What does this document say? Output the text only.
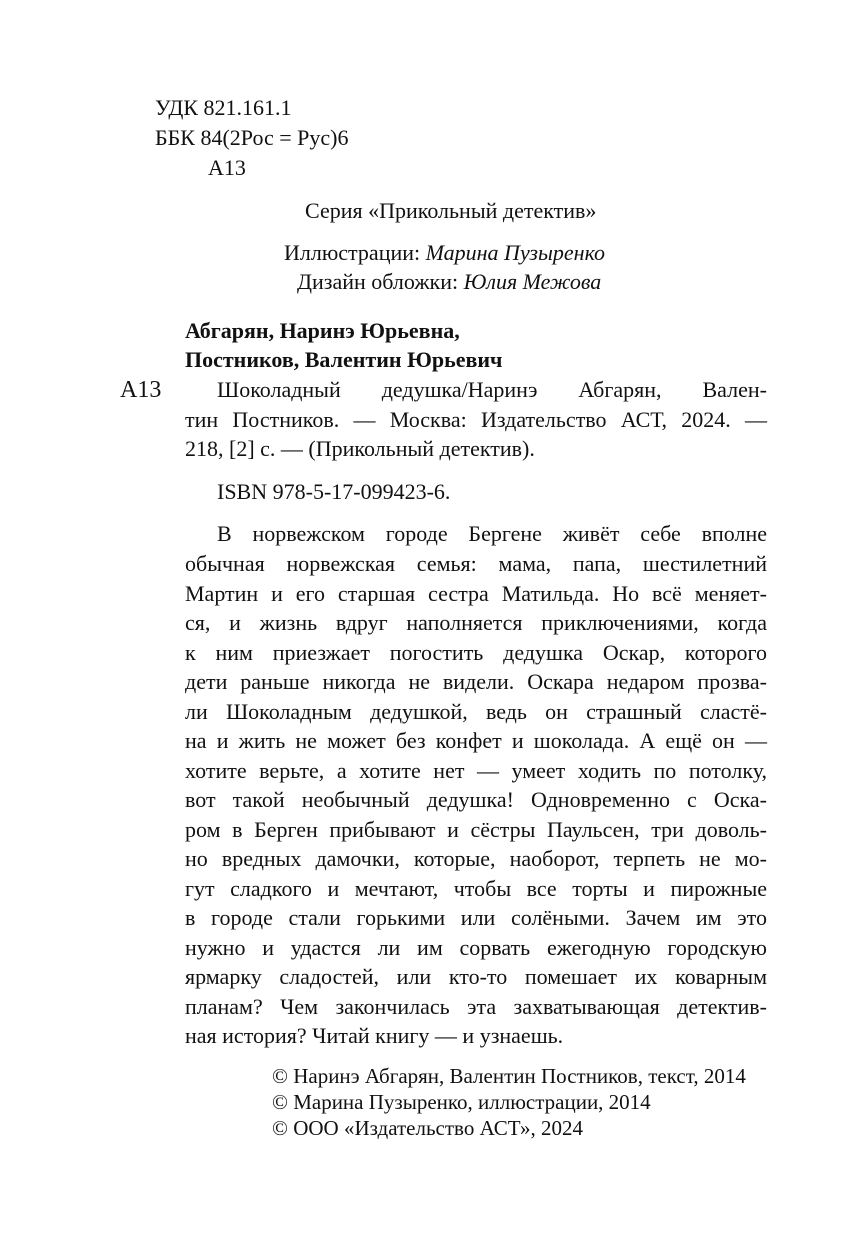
УДК 821.161.1
ББК 84(2Рос = Рус)6
А13
Серия «Прикольный детектив»
Иллюстрации: Марина Пузыренко
Дизайн обложки: Юлия Межова
Абгарян, Наринэ Юрьевна,
Постников, Валентин Юрьевич
А13	Шоколадный дедушка/Наринэ Абгарян, Вален-
тин Постников. — Москва: Издательство АСТ, 2024. —
218, [2] с. — (Прикольный детектив).
ISBN 978-5-17-099423-6.
В норвежском городе Бергене живёт себе вполне
обычная норвежская семья: мама, папа, шестилетний
Мартин и его старшая сестра Матильда. Но всё меняет-
ся, и жизнь вдруг наполняется приключениями, когда
к ним приезжает погостить дедушка Оскар, которого
дети раньше никогда не видели. Оскара недаром прозва-
ли Шоколадным дедушкой, ведь он страшный сластё-
на и жить не может без конфет и шоколада. А ещё он —
хотите верьте, а хотите нет — умеет ходить по потолку,
вот такой необычный дедушка! Одновременно с Оска-
ром в Берген прибывают и сёстры Паульсен, три доволь-
но вредных дамочки, которые, наоборот, терпеть не мо-
гут сладкого и мечтают, чтобы все торты и пирожные
в городе стали горькими или солёными. Зачем им это
нужно и удастся ли им сорвать ежегодную городскую
ярмарку сладостей, или кто-то помешает их коварным
планам? Чем закончилась эта захватывающая детектив-
ная история? Читай книгу — и узнаешь.
© Наринэ Абгарян, Валентин Постников, текст, 2014
© Марина Пузыренко, иллюстрации, 2014
© ООО «Издательство АСТ», 2024
